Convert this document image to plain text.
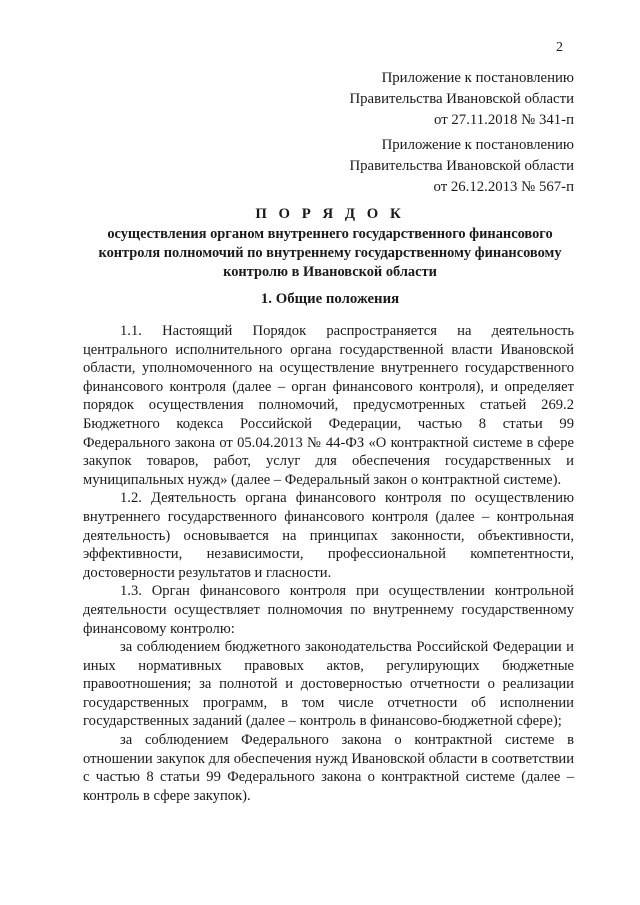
2

Приложение к постановлению

Правительства Ивановской области

от 27.11.2018 № 341-п

Приложение к постановлению

Правительства Ивановской области

от 26.12.2013 № 567-п

П О Р Я Д О К

осуществления органом внутреннего государственного финансового контроля полномочий по внутреннему государственному финансовому контролю в Ивановской области

1. Общие положения

1.1. Настоящий Порядок распространяется на деятельность центрального исполнительного органа государственной власти Ивановской области, уполномоченного на осуществление внутреннего государственного финансового контроля (далее – орган финансового контроля), и определяет порядок осуществления полномочий, предусмотренных статьей 269.2 Бюджетного кодекса Российской Федерации, частью 8 статьи 99 Федерального закона от 05.04.2013 № 44-ФЗ «О контрактной системе в сфере закупок товаров, работ, услуг для обеспечения государственных и муниципальных нужд» (далее – Федеральный закон о контрактной системе).

1.2. Деятельность органа финансового контроля по осуществлению внутреннего государственного финансового контроля (далее – контрольная деятельность) основывается на принципах законности, объективности, эффективности, независимости, профессиональной компетентности, достоверности результатов и гласности.

1.3. Орган финансового контроля при осуществлении контрольной деятельности осуществляет полномочия по внутреннему государственному финансовому контролю:

за соблюдением бюджетного законодательства Российской Федерации и иных нормативных правовых актов, регулирующих бюджетные правоотношения; за полнотой и достоверностью отчетности о реализации государственных программ, в том числе отчетности об исполнении государственных заданий (далее – контроль в финансово-бюджетной сфере);

за соблюдением Федерального закона о контрактной системе в отношении закупок для обеспечения нужд Ивановской области в соответствии с частью 8 статьи 99 Федерального закона о контрактной системе (далее – контроль в сфере закупок).
